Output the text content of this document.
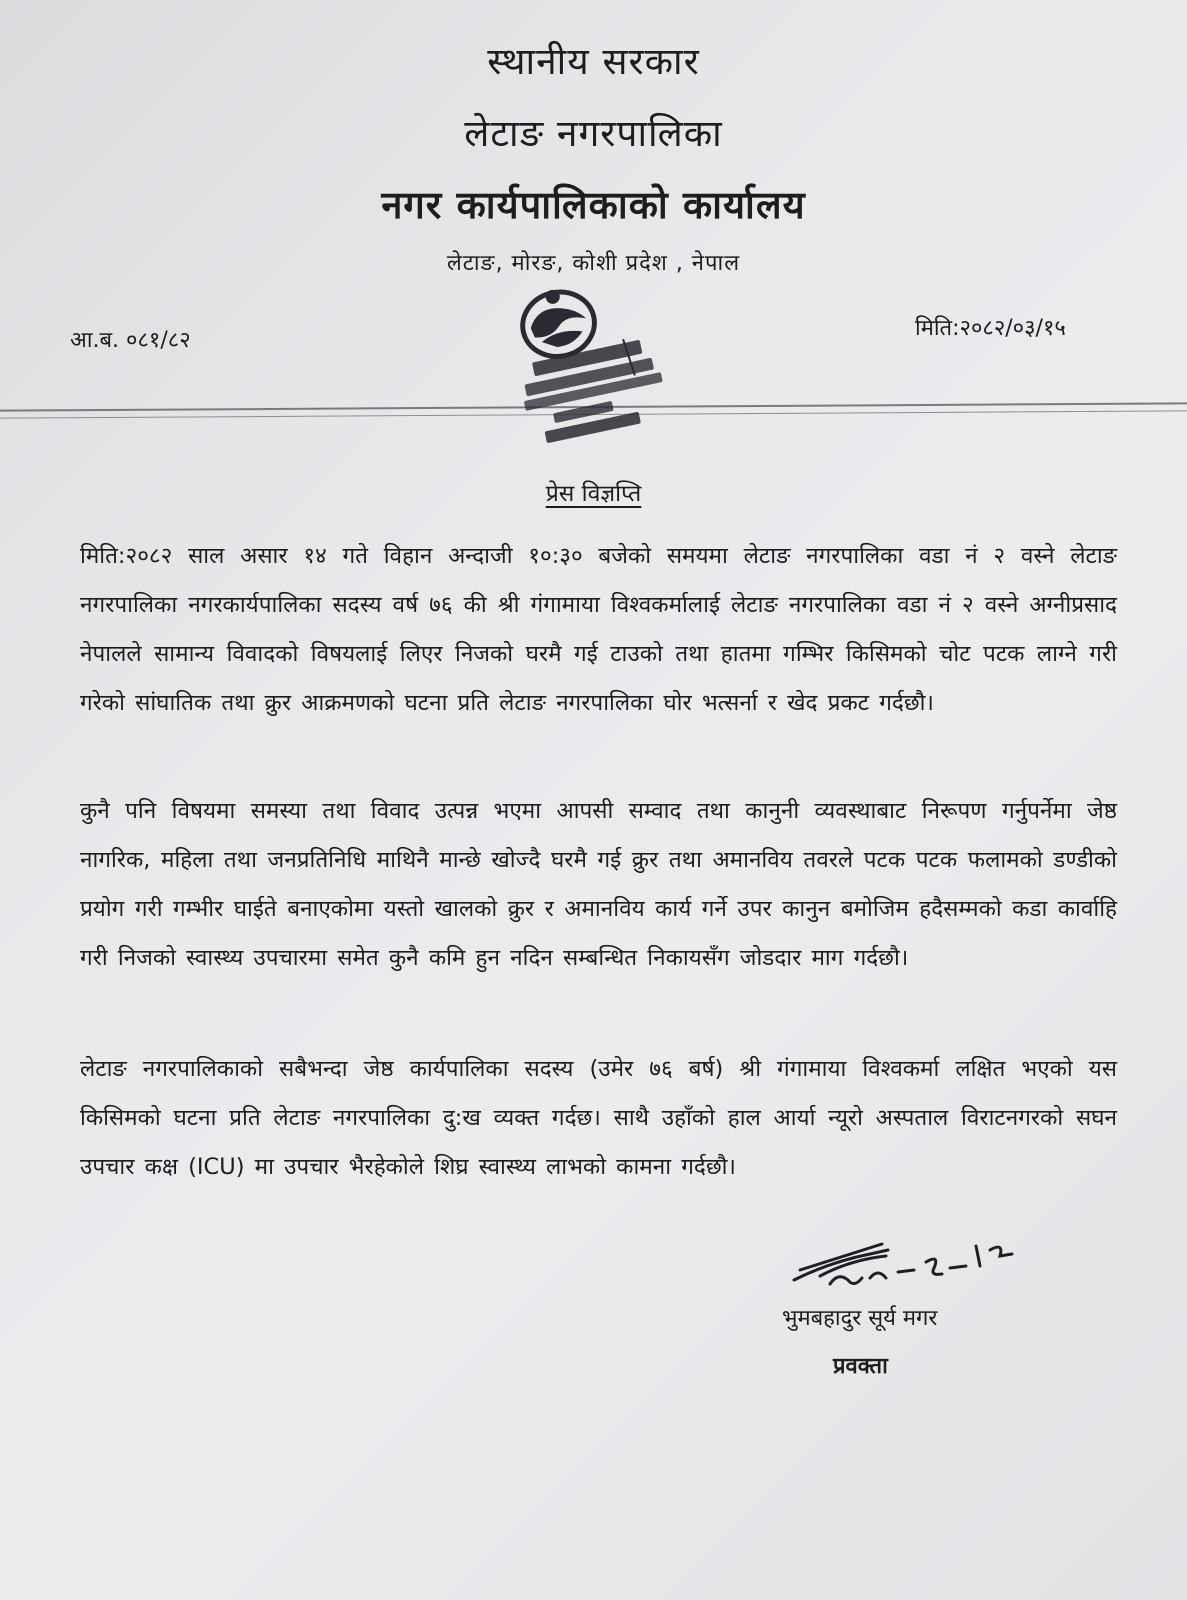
स्थानीय सरकार
लेटाङ नगरपालिका
नगर कार्यपालिकाको कार्यालय
लेटाङ, मोरङ, कोशी प्रदेश , नेपाल
आ.ब. ०८१/८२	मिति:२०८२/०३/१५
प्रेस विज्ञप्ति
मिति:२०८२ साल असार १४ गते विहान अन्दाजी १०:३० बजेको समयमा लेटाङ नगरपालिका वडा नं २ वस्ने लेटाङ नगरपालिका नगरकार्यपालिका सदस्य वर्ष ७६ की श्री गंगामाया विश्वकर्मालाई लेटाङ नगरपालिका वडा नं २ वस्ने अग्नीप्रसाद नेपालले सामान्य विवादको विषयलाई लिएर निजको घरमै गई टाउको तथा हातमा गम्भिर किसिमको चोट पटक लाग्ने गरी गरेको सांघातिक तथा क्रुर आक्रमणको घटना प्रति लेटाङ नगरपालिका घोर भत्सर्ना र खेद प्रकट गर्दछौ।
कुनै पनि विषयमा समस्या तथा विवाद उत्पन्न भएमा आपसी सम्वाद तथा कानुनी व्यवस्थाबाट निरूपण गर्नुपर्नेमा जेष्ठ नागरिक, महिला तथा जनप्रतिनिधि माथिनै मान्छे खोज्दै घरमै गई क्रुर तथा अमानविय तवरले पटक पटक फलामको डण्डीको प्रयोग गरी गम्भीर घाईते बनाएकोमा यस्तो खालको क्रुर र अमानविय कार्य गर्ने उपर कानुन बमोजिम हदैसम्मको कडा कार्वाहि गरी निजको स्वास्थ्य उपचारमा समेत कुनै कमि हुन नदिन सम्बन्धित निकायसँग जोडदार माग गर्दछौ।
लेटाङ नगरपालिकाको सबैभन्दा जेष्ठ कार्यपालिका सदस्य (उमेर ७६ बर्ष) श्री गंगामाया विश्वकर्मा लक्षित भएको यस किसिमको घटना प्रति लेटाङ नगरपालिका दु:ख व्यक्त गर्दछ। साथै उहाँको हाल आर्या न्यूरो अस्पताल विराटनगरको सघन उपचार कक्ष (ICU) मा उपचार भैरहेकोले शिघ्र स्वास्थ्य लाभको कामना गर्दछौ।
भुमबहादुर सूर्य मगर
प्रवक्ता
